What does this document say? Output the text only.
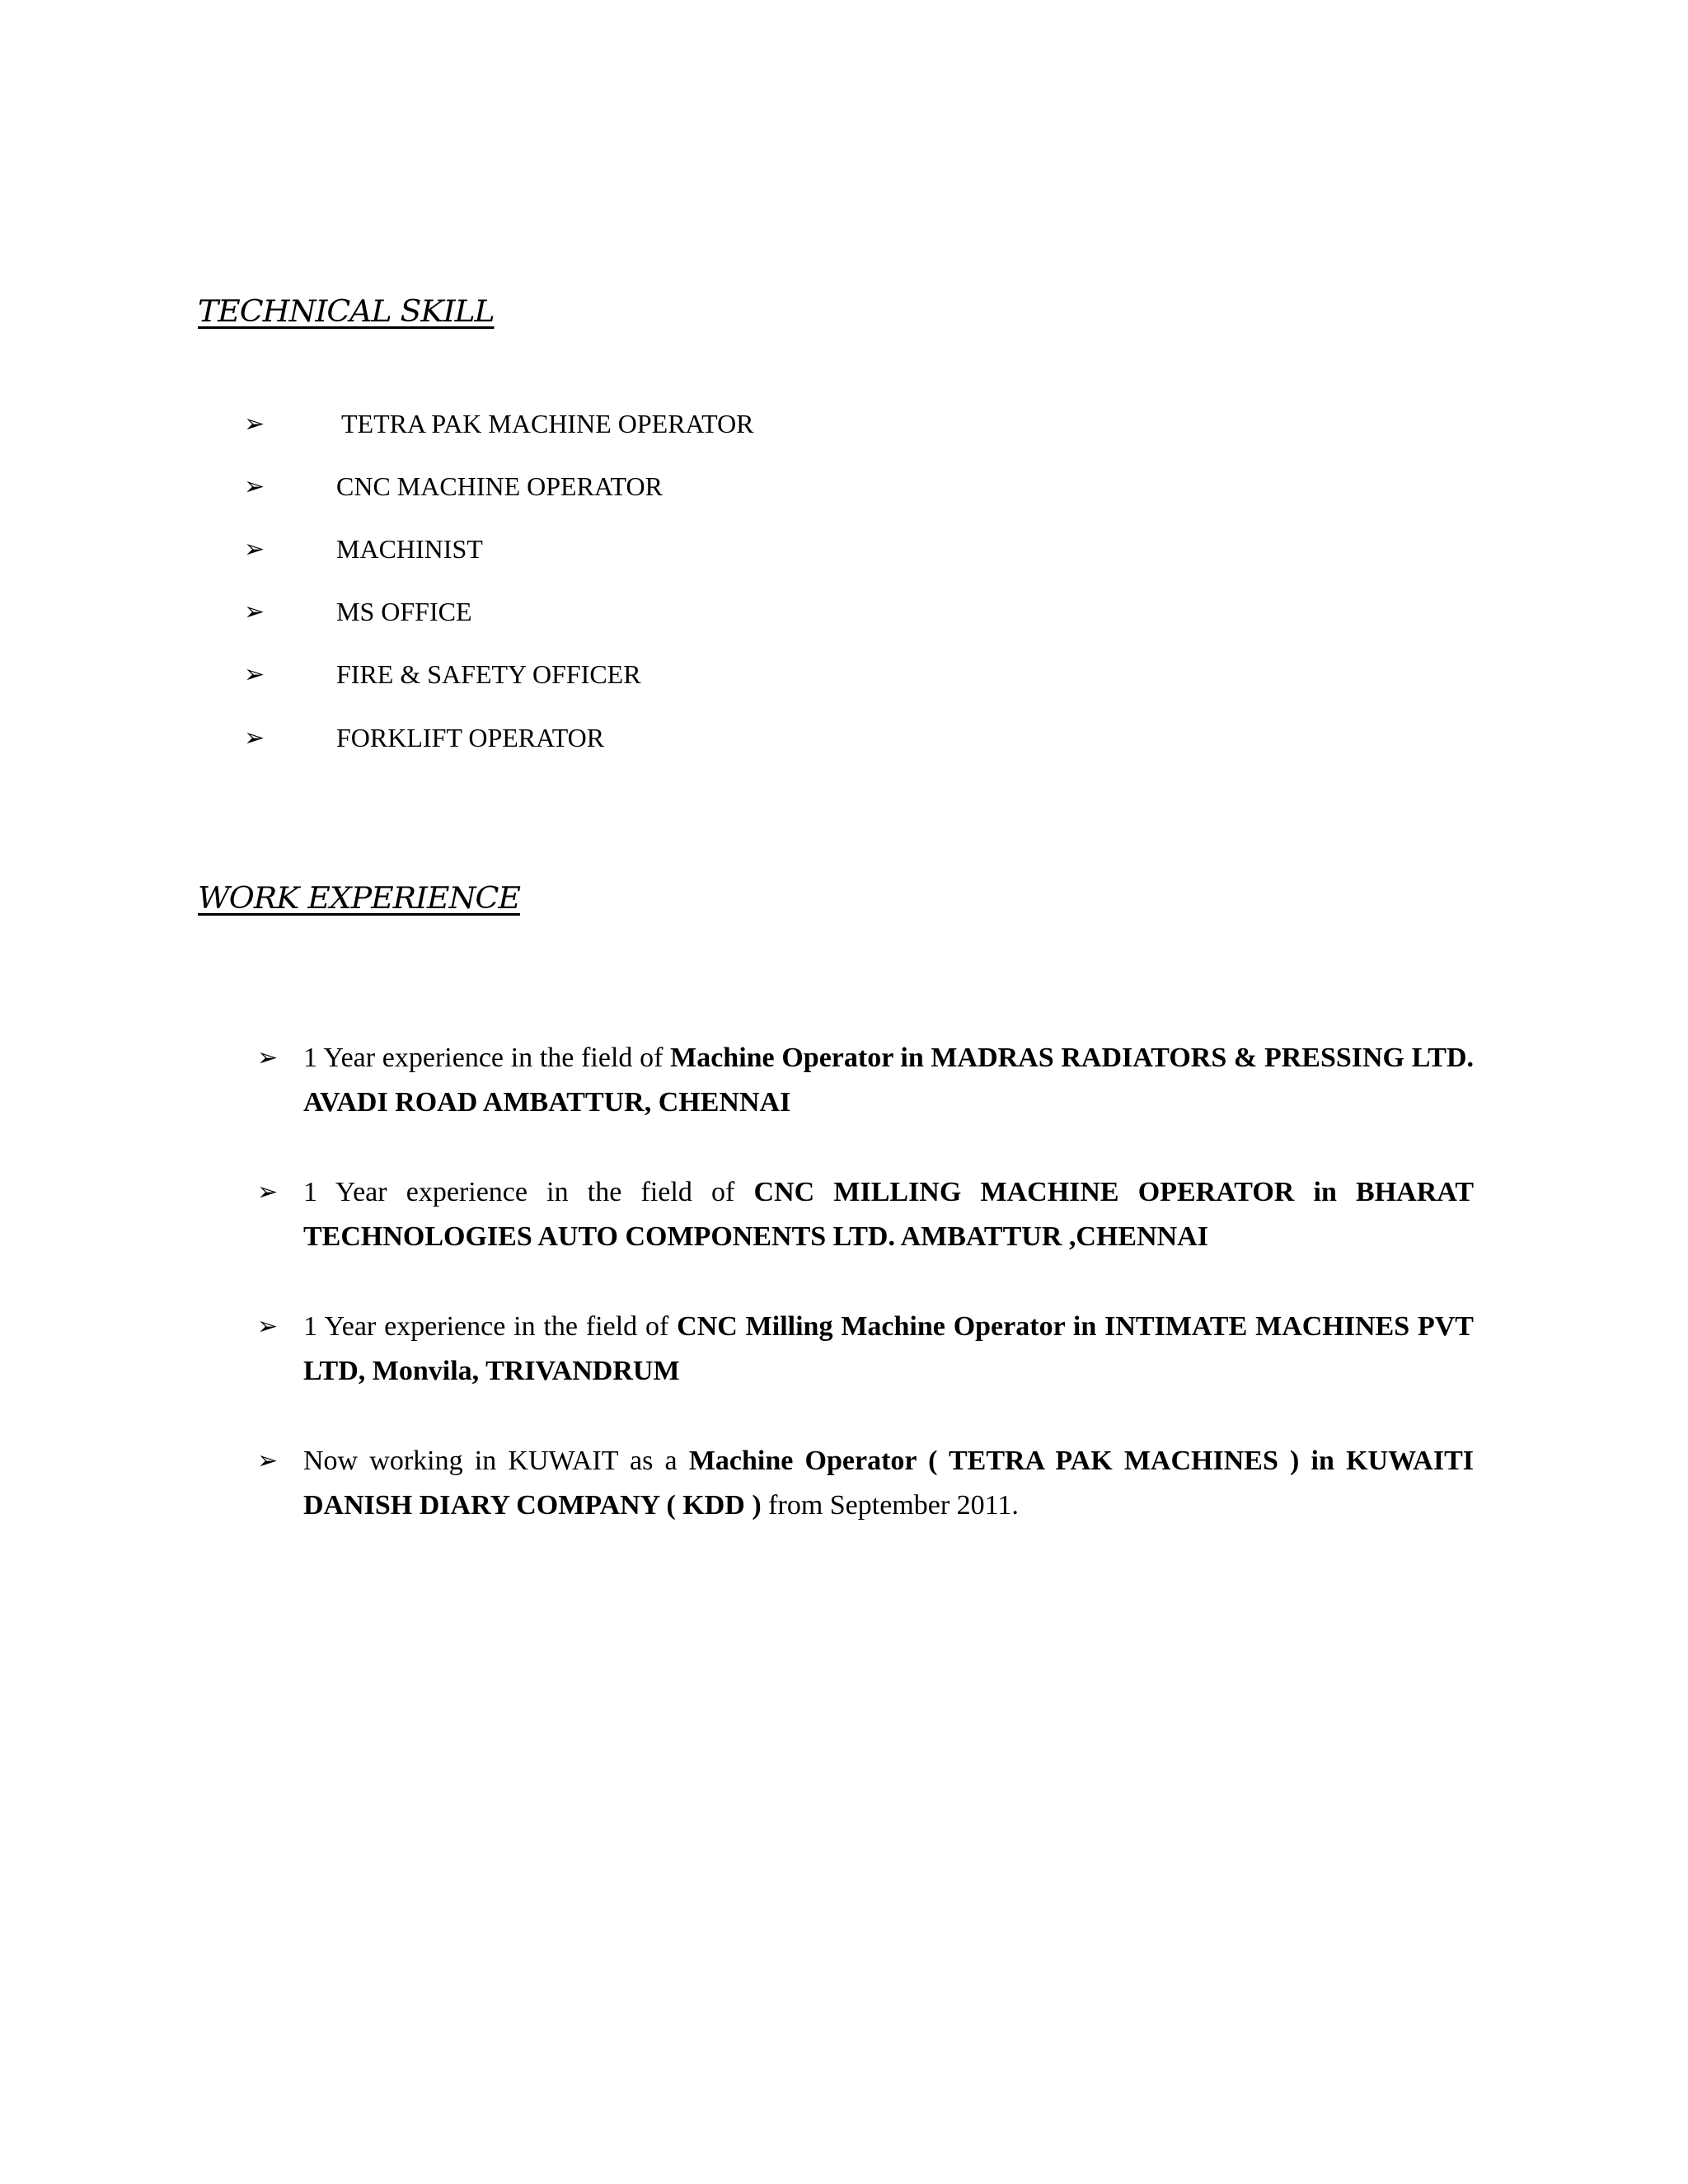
TECHNICAL SKILL
➢	TETRA PAK MACHINE OPERATOR
➢	CNC MACHINE OPERATOR
➢	MACHINIST
➢	MS OFFICE
➢	FIRE & SAFETY OFFICER
➢	FORKLIFT OPERATOR
WORK EXPERIENCE
➢ 1 Year experience in the field of Machine Operator in MADRAS RADIATORS & PRESSING LTD. AVADI ROAD AMBATTUR, CHENNAI
➢ 1 Year experience in the field of CNC MILLING MACHINE OPERATOR in BHARAT TECHNOLOGIES AUTO COMPONENTS LTD. AMBATTUR ,CHENNAI
➢ 1 Year experience in the field of CNC Milling Machine Operator in INTIMATE MACHINES PVT LTD, Monvila, TRIVANDRUM
➢ Now working in KUWAIT as a Machine Operator ( TETRA PAK MACHINES ) in KUWAITI DANISH DIARY COMPANY ( KDD ) from September 2011.
